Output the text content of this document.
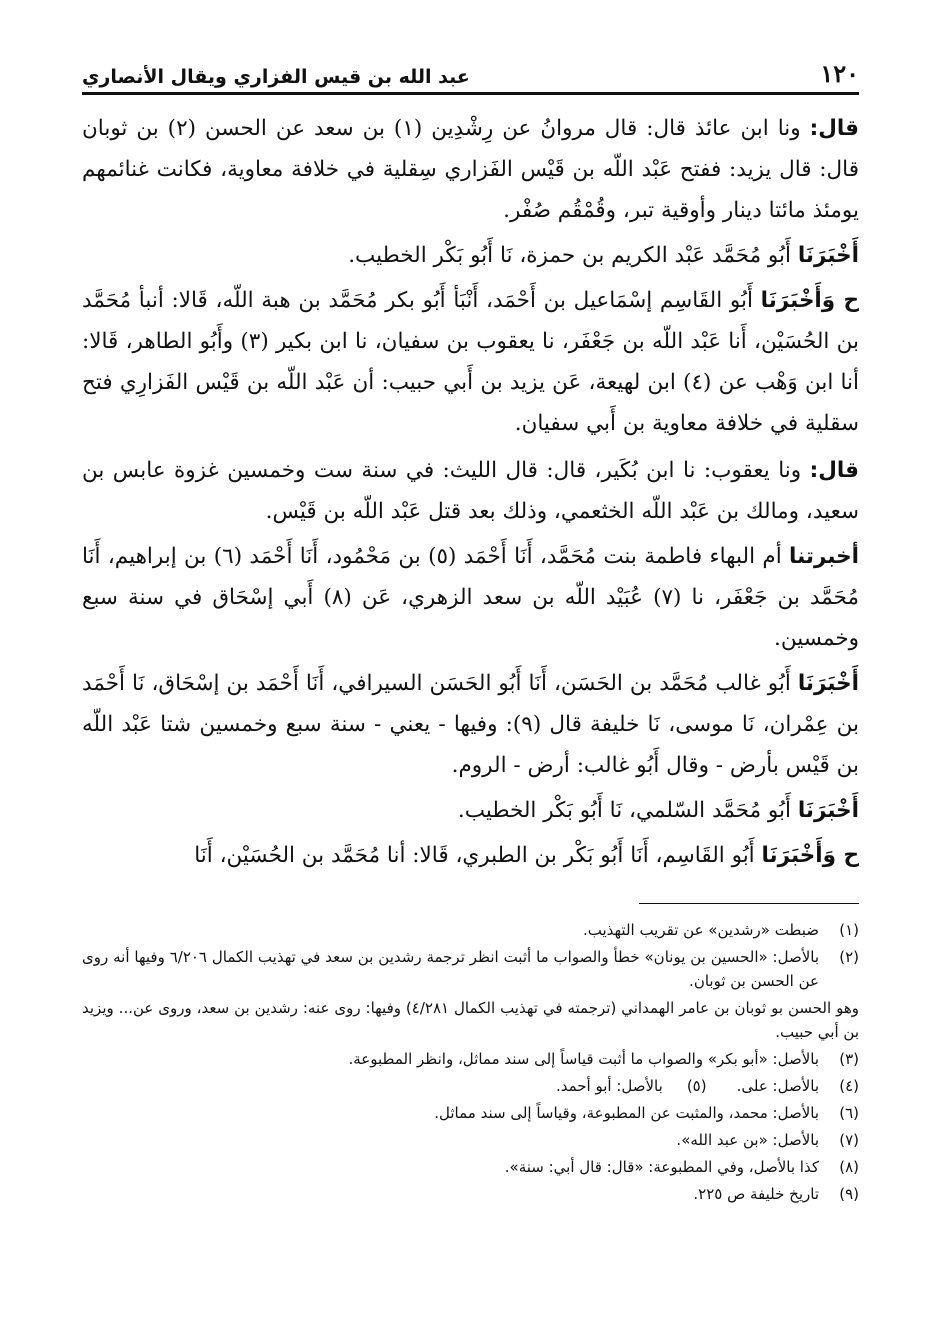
١٢٠
عبد الله بن قيس الفزاري ويقال الأنصاري

قال: ونا ابن عائذ قال: قال مروانُ عن رِشْدِين (١) بن سعد عن الحسن (٢) بن ثوبان قال: قال يزيد: ففتح عَبْد اللّه بن قَيْس الفَزاري سِقلية في خلافة معاوية، فكانت غنائمهم يومئذ مائتا دينار وأوقية تبر، وقُمْقُم صُفْر.

أَخْبَرَنَا أَبُو مُحَمَّد عَبْد الكريم بن حمزة، نَا أَبُو بَكْر الخطيب.

ح وَأَخْبَرَنَا أَبُو القَاسِم إسْمَاعيل بن أَحْمَد، أَنْبَأ أَبُو بكر مُحَمَّد بن هبة اللّه، قَالا: أنبأ مُحَمَّد بن الحُسَيْن، أَنا عَبْد اللّه بن جَعْفَر، نا يعقوب بن سفيان، نا ابن بكير (٣) وأَبُو الطاهر، قَالا: أنا ابن وَهْب عن (٤) ابن لهيعة، عَن يزيد بن أَبي حبيب: أن عَبْد اللّه بن قَيْس الفَزارِي فتح سقلية في خلافة معاوية بن أَبي سفيان.

قال: ونا يعقوب: نا ابن بُكَير، قال: قال الليث: في سنة ست وخمسين غزوة عابس بن سعيد، ومالك بن عَبْد اللّه الخثعمي، وذلك بعد قتل عَبْد اللّه بن قَيْس.

أخبرتنا أم البهاء فاطمة بنت مُحَمَّد، أَنَا أَحْمَد (٥) بن مَحْمُود، أَنَا أَحْمَد (٦) بن إبراهيم، أَنَا مُحَمَّد بن جَعْفَر، نا (٧) عُبَيْد اللّه بن سعد الزهري، عَن (٨) أَبي إسْحَاق في سنة سبع وخمسين.

أَخْبَرَنَا أَبُو غالب مُحَمَّد بن الحَسَن، أَنَا أَبُو الحَسَن السيرافي، أَنَا أَحْمَد بن إسْحَاق، نَا أَحْمَد بن عِمْران، نَا موسى، نَا خليفة قال (٩): وفيها - يعني - سنة سبع وخمسين شتا عَبْد اللّه بن قَيْس بأرض - وقال أَبُو غالب: أرض - الروم.

أَخْبَرَنَا أَبُو مُحَمَّد السّلمي، نَا أَبُو بَكْر الخطيب.

ح وَأَخْبَرَنَا أَبُو القَاسِم، أَنَا أَبُو بَكْر بن الطبري، قَالا: أنا مُحَمَّد بن الحُسَيْن، أَنَا

(١)
ضبطت «رشدين» عن تقريب التهذيب.
(٢)
بالأصل: «الحسين بن يونان» خطأ والصواب ما أثبت انظر ترجمة رشدين بن سعد في تهذيب الكمال ٦/٢٠٦ وفيها أنه روى عن الحسن بن ثوبان.

وهو الحسن بو ثوبان بن عامر الهمداني (ترجمته في تهذيب الكمال ٤/٢٨١) وفيها: روى عنه: رشدين بن سعد، وروى عن... ويزيد بن أبي حبيب.

(٣)
بالأصل: «أبو بكر» والصواب ما أثبت قياساً إلى سند مماثل، وانظر المطبوعة.
(٤)
بالأصل: على.
(٥)
بالأصل: أبو أحمد.
(٦)
بالأصل: محمد، والمثبت عن المطبوعة، وقياساً إلى سند مماثل.
(٧)
بالأصل: «بن عبد الله».
(٨)
كذا بالأصل، وفي المطبوعة: «قال: قال أبي: سنة».
(٩)
تاريخ خليفة ص ٢٢٥.
